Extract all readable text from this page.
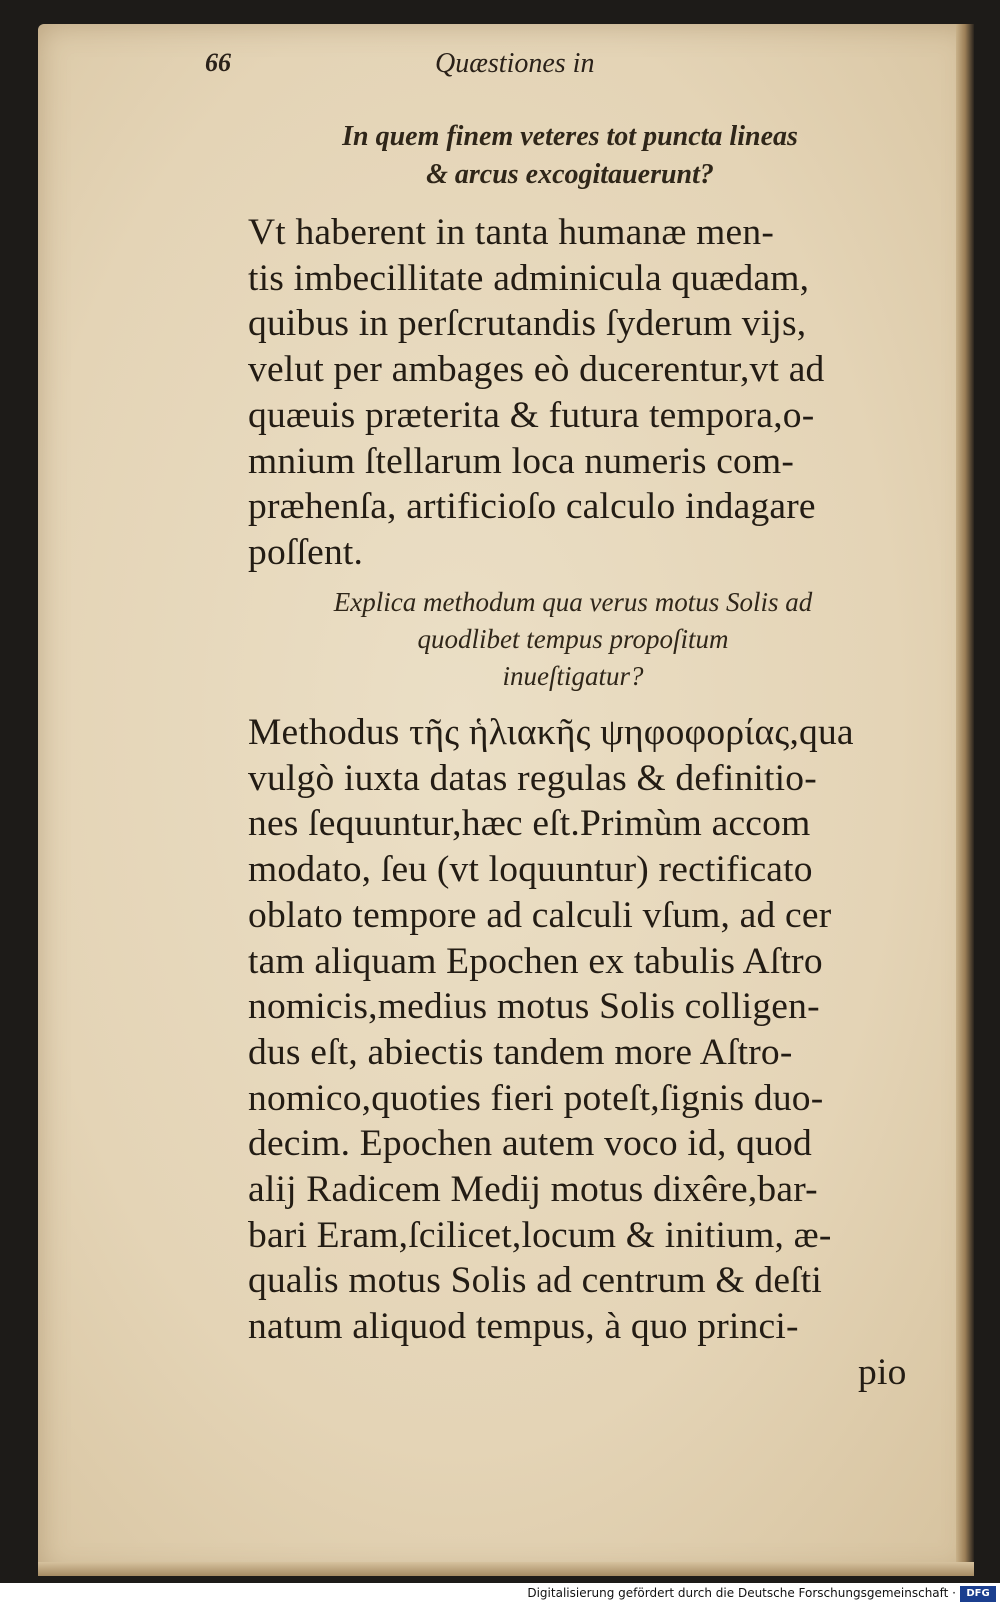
66	Quæstiones in
In quem finem veteres tot puncta lineas
& arcus excogitauerunt?
Vt haberent in tanta humanæ men-
tis imbecillitate adminicula quædam,
quibus in perſcrutandis ſyderum vijs,
velut per ambages eò ducerentur,vt ad
quæuis præterita & futura tempora,o-
mnium ſtellarum loca numeris com-
præhenſa, artificioſo calculo indagare
poſſent.
Explica methodum qua verus motus Solis ad
quodlibet tempus propoſitum
inueſtigatur?
Methodus τῆς ἡλιακῆς ψηφοφορίας,qua
vulgò iuxta datas regulas & definitio-
nes ſequuntur,hæc eſt.Primùm accom
modato, ſeu (vt loquuntur) rectificato
oblato tempore ad calculi vſum, ad cer
tam aliquam Epochen ex tabulis Aſtro
nomicis,medius motus Solis colligen-
dus eſt, abiectis tandem more Aſtro-
nomico,quoties fieri poteſt,ſignis duo-
decim. Epochen autem voco id, quod
alij Radicem Medij motus dixêre,bar-
bari Eram,ſcilicet,locum & initium, æ-
qualis motus Solis ad centrum & deſti
natum aliquod tempus, à quo princi-
pio
Digitalisierung gefördert durch die Deutsche Forschungsgemeinschaft ·	DFG
